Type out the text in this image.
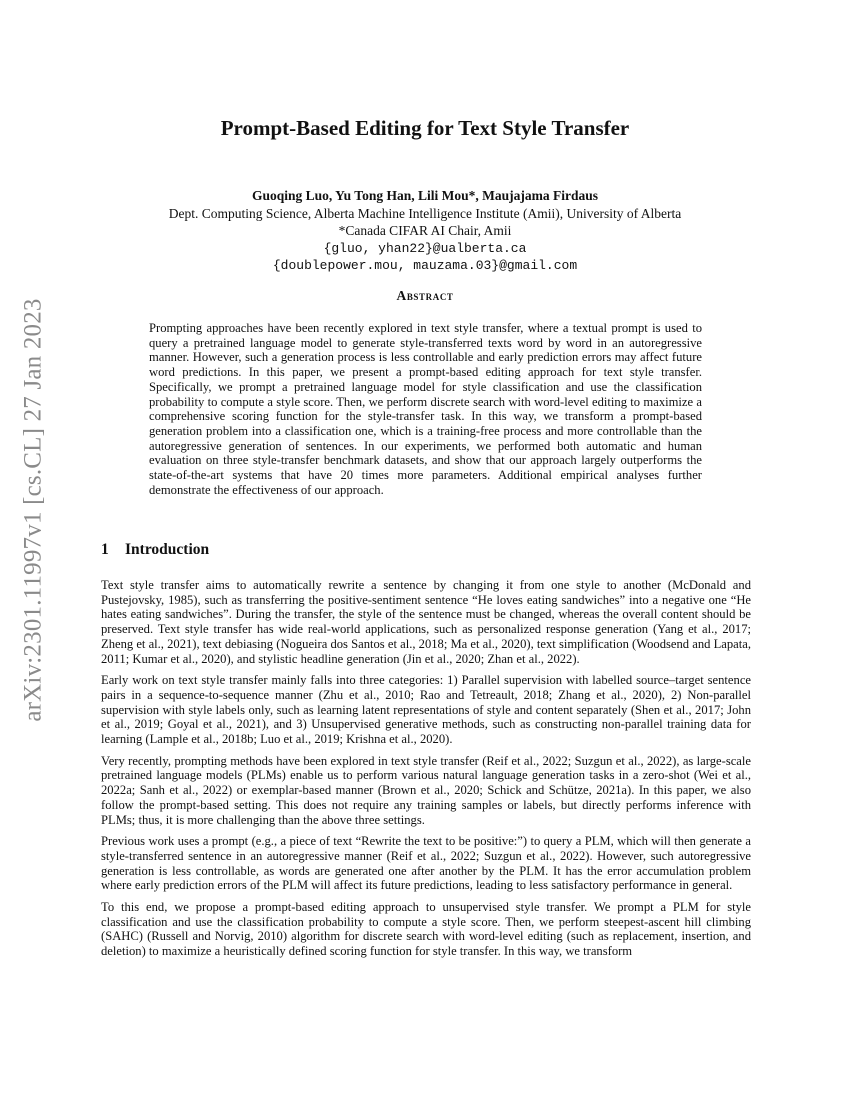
arXiv:2301.11997v1 [cs.CL] 27 Jan 2023
Prompt-Based Editing for Text Style Transfer
Guoqing Luo, Yu Tong Han, Lili Mou*, Maujajama Firdaus
Dept. Computing Science, Alberta Machine Intelligence Institute (Amii), University of Alberta
*Canada CIFAR AI Chair, Amii
{gluo, yhan22}@ualberta.ca
{doublepower.mou, mauzama.03}@gmail.com
Abstract

Prompting approaches have been recently explored in text style transfer, where a textual prompt is used to query a pretrained language model to generate style-transferred texts word by word in an autoregressive manner. However, such a generation process is less controllable and early prediction errors may affect future word predictions. In this paper, we present a prompt-based editing approach for text style transfer. Specifically, we prompt a pretrained language model for style classification and use the classification probability to compute a style score. Then, we perform discrete search with word-level editing to maximize a comprehensive scoring function for the style-transfer task. In this way, we transform a prompt-based generation problem into a classification one, which is a training-free process and more controllable than the autoregressive generation of sentences. In our experiments, we performed both automatic and human evaluation on three style-transfer benchmark datasets, and show that our approach largely outperforms the state-of-the-art systems that have 20 times more parameters. Additional empirical analyses further demonstrate the effectiveness of our approach.

1 Introduction

Text style transfer aims to automatically rewrite a sentence by changing it from one style to another (McDonald and Pustejovsky, 1985), such as transferring the positive-sentiment sentence “He loves eating sandwiches” into a negative one “He hates eating sandwiches”. During the transfer, the style of the sentence must be changed, whereas the overall content should be preserved. Text style transfer has wide real-world applications, such as personalized response generation (Yang et al., 2017; Zheng et al., 2021), text debiasing (Nogueira dos Santos et al., 2018; Ma et al., 2020), text simplification (Woodsend and Lapata, 2011; Kumar et al., 2020), and stylistic headline generation (Jin et al., 2020; Zhan et al., 2022).

Early work on text style transfer mainly falls into three categories: 1) Parallel supervision with labelled source–target sentence pairs in a sequence-to-sequence manner (Zhu et al., 2010; Rao and Tetreault, 2018; Zhang et al., 2020), 2) Non-parallel supervision with style labels only, such as learning latent representations of style and content separately (Shen et al., 2017; John et al., 2019; Goyal et al., 2021), and 3) Unsupervised generative methods, such as constructing non-parallel training data for learning (Lample et al., 2018b; Luo et al., 2019; Krishna et al., 2020).

Very recently, prompting methods have been explored in text style transfer (Reif et al., 2022; Suzgun et al., 2022), as large-scale pretrained language models (PLMs) enable us to perform various natural language generation tasks in a zero-shot (Wei et al., 2022a; Sanh et al., 2022) or exemplar-based manner (Brown et al., 2020; Schick and Schütze, 2021a). In this paper, we also follow the prompt-based setting. This does not require any training samples or labels, but directly performs inference with PLMs; thus, it is more challenging than the above three settings.

Previous work uses a prompt (e.g., a piece of text “Rewrite the text to be positive:”) to query a PLM, which will then generate a style-transferred sentence in an autoregressive manner (Reif et al., 2022; Suzgun et al., 2022). However, such autoregressive generation is less controllable, as words are generated one after another by the PLM. It has the error accumulation problem where early prediction errors of the PLM will affect its future predictions, leading to less satisfactory performance in general.

To this end, we propose a prompt-based editing approach to unsupervised style transfer. We prompt a PLM for style classification and use the classification probability to compute a style score. Then, we perform steepest-ascent hill climbing (SAHC) (Russell and Norvig, 2010) algorithm for discrete search with word-level editing (such as replacement, insertion, and deletion) to maximize a heuristically defined scoring function for style transfer. In this way, we transform
